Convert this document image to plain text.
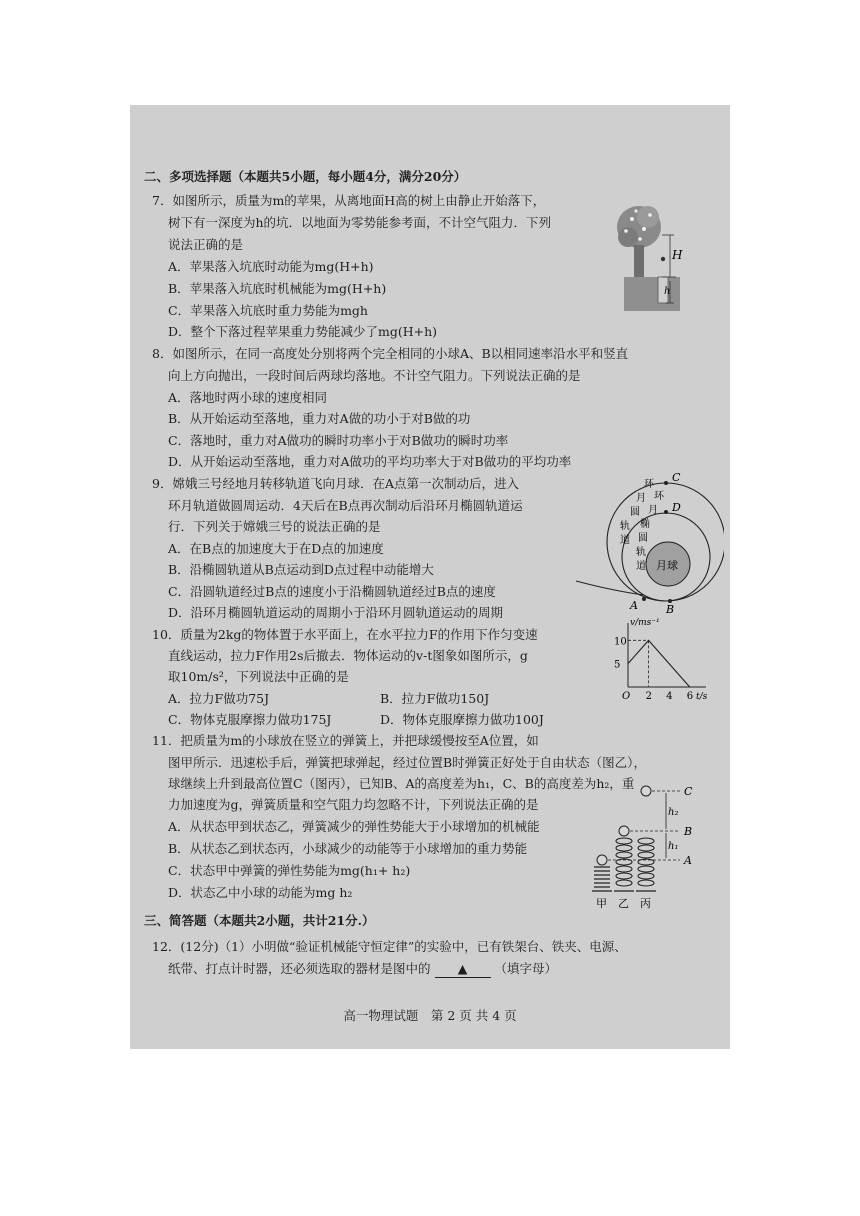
二、多项选择题（本题共5小题，每小题4分，满分20分）
7．如图所示，质量为m的苹果，从离地面H高的树上由静止开始落下，
树下有一深度为h的坑．以地面为零势能参考面，不计空气阻力．下列
说法正确的是
A．苹果落入坑底时动能为mg(H+h)
B．苹果落入坑底时机械能为mg(H+h)
C．苹果落入坑底时重力势能为mgh
D．整个下落过程苹果重力势能减少了mg(H+h)
H
h
8．如图所示，在同一高度处分别将两个完全相同的小球A、B以相同速率沿水平和竖直
向上方向抛出，一段时间后两球均落地。不计空气阻力。下列说法正确的是
A．落地时两小球的速度相同
B．从开始运动至落地，重力对A做的功小于对B做的功
C．落地时，重力对A做功的瞬时功率小于对B做功的瞬时功率
D．从开始运动至落地，重力对A做功的平均功率大于对B做功的平均功率
9．嫦娥三号经地月转移轨道飞向月球．在A点第一次制动后，进入
环月轨道做圆周运动．4天后在B点再次制动后沿环月椭圆轨道运
行．下列关于嫦娥三号的说法正确的是
A．在B点的加速度大于在D点的加速度
B．沿椭圆轨道从B点运动到D点过程中动能增大
C．沿圆轨道经过B点的速度小于沿椭圆轨道经过B点的速度
D．沿环月椭圆轨道运动的周期小于沿环月圆轨道运动的周期
C
D
A	B
月球
环
月
圆
轨
道
环
月
椭
圆
轨
道
10．质量为2kg的物体置于水平面上，在水平拉力F的作用下作匀变速
直线运动，拉力F作用2s后撤去．物体运动的v-t图象如图所示，g
取10m/s²，下列说法中正确的是
A．拉力F做功75J	B．拉力F做功150J
C．物体克服摩擦力做功175J	D．物体克服摩擦力做功100J
O 2 4 6
5
10
t/s
v/ms⁻¹
11．把质量为m的小球放在竖立的弹簧上，并把球缓慢按至A位置，如
图甲所示．迅速松手后，弹簧把球弹起，经过位置B时弹簧正好处于自由状态（图乙），
球继续上升到最高位置C（图丙），已知B、A的高度差为h₁，C、B的高度差为h₂，重
力加速度为g，弹簧质量和空气阻力均忽略不计，下列说法正确的是
A．从状态甲到状态乙，弹簧减少的弹性势能大于小球增加的机械能
B．从状态乙到状态丙，小球减少的动能等于小球增加的重力势能
C．状态甲中弹簧的弹性势能为mg(h₁+ h₂)
D．状态乙中小球的动能为mg h₂
C
B
A
h₂
h₁
甲 乙 丙
三、简答题（本题共2小题，共计21分.）
12．(12分)（1）小明做“验证机械能守恒定律”的实验中，已有铁架台、铁夹、电源、
纸带、打点计时器，还必须选取的器材是图中的 ▲ （填字母）
高一物理试题　第 2 页 共 4 页
